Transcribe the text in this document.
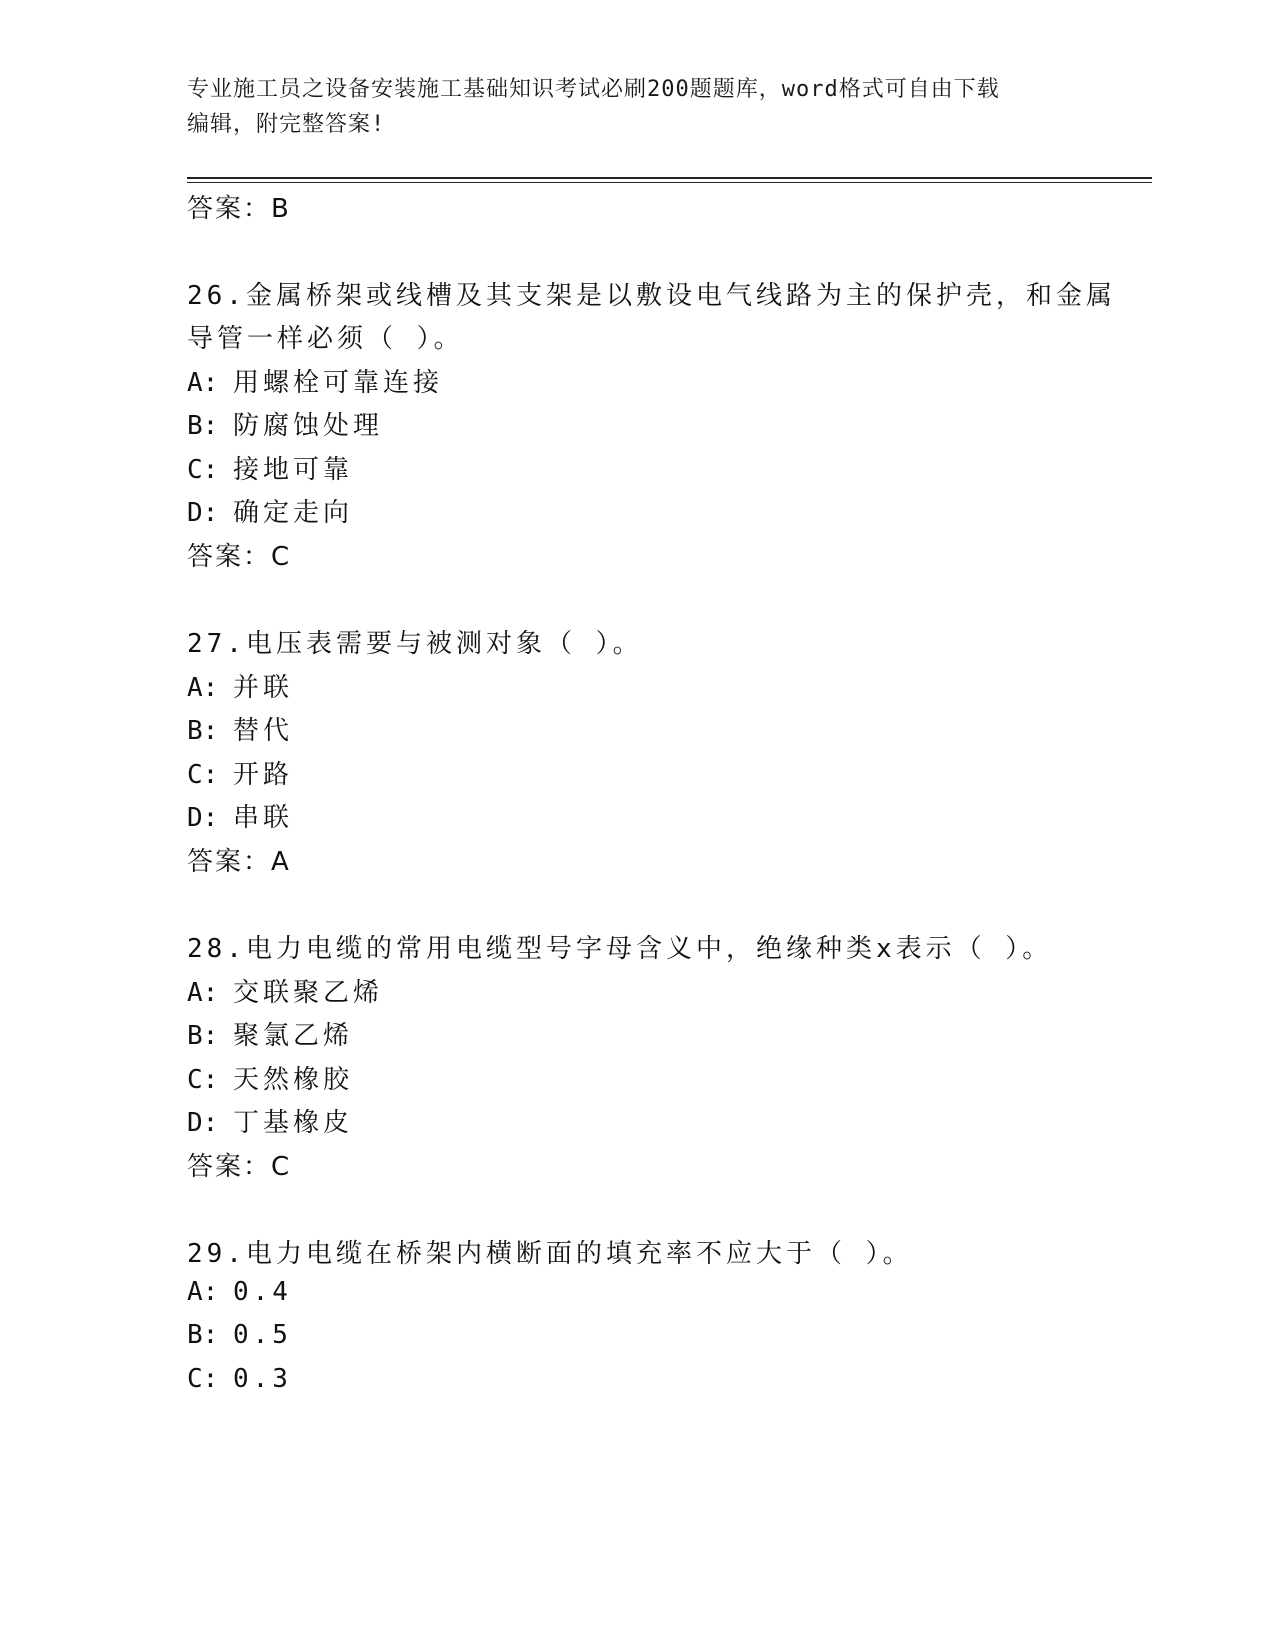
专业施工员之设备安装施工基础知识考试必刷200题题库，word格式可自由下载
编辑，附完整答案!
答案：B
26.金属桥架或线槽及其支架是以敷设电气线路为主的保护壳，和金属
导管一样必须（ ）。
A: 用螺栓可靠连接
B: 防腐蚀处理
C: 接地可靠
D: 确定走向
答案：C
27.电压表需要与被测对象（ ）。
A: 并联
B: 替代
C: 开路
D: 串联
答案：A
28.电力电缆的常用电缆型号字母含义中，绝缘种类x表示（ ）。
A: 交联聚乙烯
B: 聚氯乙烯
C: 天然橡胶
D: 丁基橡皮
答案：C
29.电力电缆在桥架内横断面的填充率不应大于（ ）。
A: 0.4
B: 0.5
C: 0.3
